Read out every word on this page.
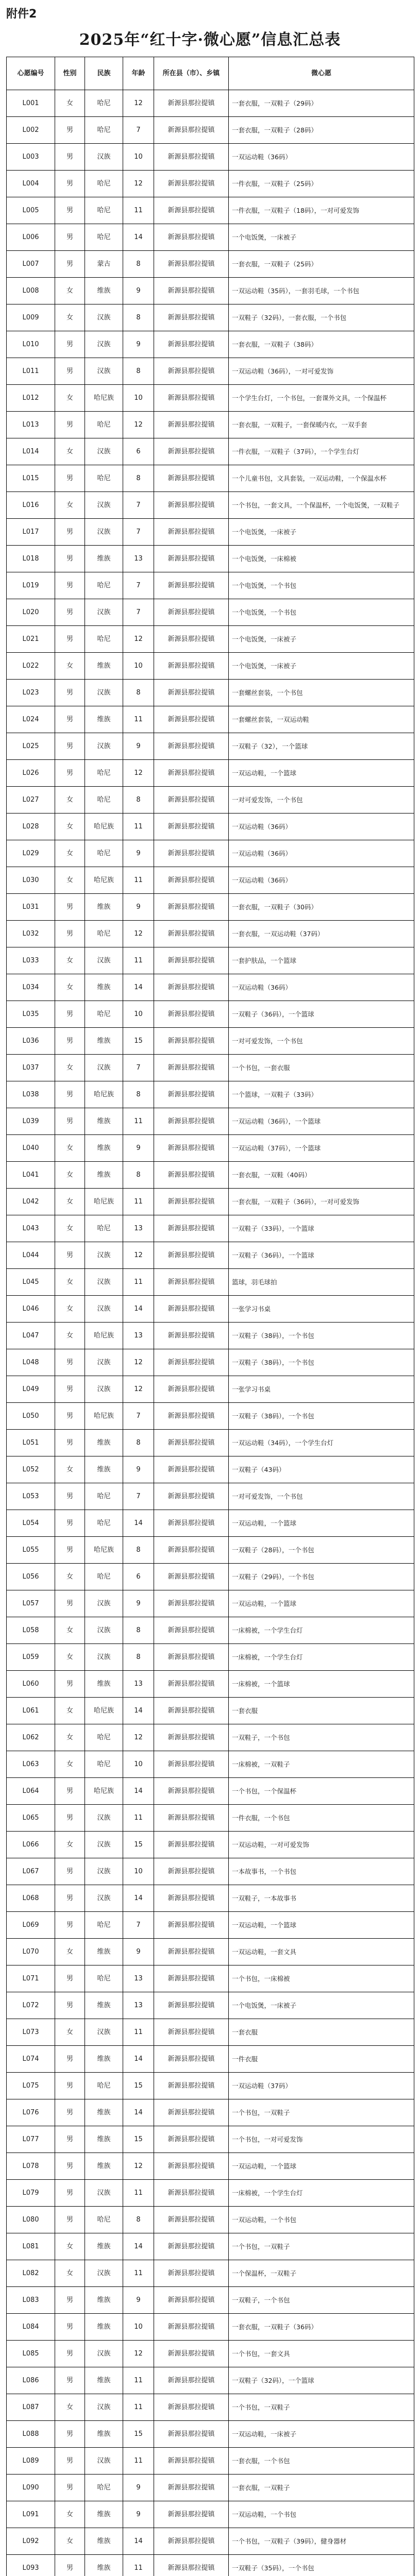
附件2
2025年“红十字·微心愿”信息汇总表
心愿编号	性别	民族	年龄	所在县（市）、乡镇	微心愿
L001	女	哈尼	12	新源县那拉提镇	一套衣服，一双鞋子（29码）
L002	男	哈尼	7	新源县那拉提镇	一套衣服，一双鞋子（28码）
L003	男	汉族	10	新源县那拉提镇	一双运动鞋（36码）
L004	男	哈尼	12	新源县那拉提镇	一件衣服，一双鞋子（25码）
L005	男	哈尼	11	新源县那拉提镇	一件衣服，一双鞋子（18码），一对可爱发饰
L006	男	哈尼	14	新源县那拉提镇	一个电饭煲，一床被子
L007	男	蒙古	8	新源县那拉提镇	一套衣服，一双鞋子（25码）
L008	女	维族	9	新源县那拉提镇	一双运动鞋（35码），一套羽毛球，一个书包
L009	女	汉族	8	新源县那拉提镇	一双鞋子（32码），一套衣服，一个书包
L010	男	汉族	9	新源县那拉提镇	一套衣服，一双鞋子（38码）
L011	男	汉族	8	新源县那拉提镇	一双运动鞋（36码），一对可爱发饰
L012	女	哈尼族	10	新源县那拉提镇	一个学生台灯，一个书包，一套课外文具，一个保温杯
L013	男	哈尼	12	新源县那拉提镇	一套衣服，一双鞋子，一套保暖内衣，一双手套
L014	女	汉族	6	新源县那拉提镇	一件衣服，一双鞋子（37码），一个学生台灯
L015	男	哈尼	8	新源县那拉提镇	一个儿童书包，文具套装，一双运动鞋，一个保温水杯
L016	女	汉族	7	新源县那拉提镇	一个书包，一套文具，一个保温杯，一个电饭煲，一双鞋子
L017	男	汉族	7	新源县那拉提镇	一个电饭煲，一床被子
L018	男	维族	13	新源县那拉提镇	一个电饭煲，一床棉被
L019	男	哈尼	7	新源县那拉提镇	一个电饭煲，一个书包
L020	男	汉族	7	新源县那拉提镇	一个电饭煲，一个书包
L021	男	哈尼	12	新源县那拉提镇	一个电饭煲，一床被子
L022	女	维族	10	新源县那拉提镇	一个电饭煲，一床被子
L023	男	汉族	8	新源县那拉提镇	一套螺丝套装，一个书包
L024	男	维族	11	新源县那拉提镇	一套螺丝套装，一双运动鞋
L025	男	汉族	9	新源县那拉提镇	一双鞋子（32），一个篮球
L026	男	哈尼	12	新源县那拉提镇	一双运动鞋，一个篮球
L027	女	哈尼	8	新源县那拉提镇	一对可爱发饰，一个书包
L028	女	哈尼族	11	新源县那拉提镇	一双运动鞋（36码）
L029	女	哈尼	9	新源县那拉提镇	一双运动鞋（36码）
L030	女	哈尼族	11	新源县那拉提镇	一双运动鞋（36码）
L031	男	维族	9	新源县那拉提镇	一套衣服，一双鞋子（30码）
L032	男	哈尼	12	新源县那拉提镇	一套衣服，一双运动鞋（37码）
L033	女	汉族	11	新源县那拉提镇	一套护肤品，一个篮球
L034	女	维族	14	新源县那拉提镇	一双运动鞋（36码）
L035	男	哈尼	10	新源县那拉提镇	一双鞋子（36码），一个篮球
L036	男	维族	15	新源县那拉提镇	一对可爱发饰，一个书包
L037	女	汉族	7	新源县那拉提镇	一个书包，一套衣服
L038	男	哈尼族	8	新源县那拉提镇	一个篮球，一双鞋子（33码）
L039	男	维族	11	新源县那拉提镇	一双运动鞋（36码），一个篮球
L040	女	维族	9	新源县那拉提镇	一双运动鞋（37码），一个篮球
L041	女	维族	8	新源县那拉提镇	一套衣服，一双鞋（40码）
L042	女	哈尼族	11	新源县那拉提镇	一套衣服，一双鞋子（36码），一对可爱发饰
L043	女	哈尼	13	新源县那拉提镇	一双鞋子（33码），一个篮球
L044	男	汉族	12	新源县那拉提镇	一双鞋子（36码），一个篮球
L045	女	汉族	11	新源县那拉提镇	篮球，羽毛球拍
L046	女	汉族	14	新源县那拉提镇	一张学习书桌
L047	女	哈尼族	13	新源县那拉提镇	一双鞋子（38码），一个书包
L048	男	汉族	12	新源县那拉提镇	一双鞋子（38码），一个书包
L049	男	汉族	12	新源县那拉提镇	一张学习书桌
L050	男	哈尼族	7	新源县那拉提镇	一双鞋子（38码），一个书包
L051	男	维族	8	新源县那拉提镇	一双运动鞋（34码），一个学生台灯
L052	女	维族	9	新源县那拉提镇	一双鞋子（43码）
L053	男	哈尼	7	新源县那拉提镇	一对可爱发饰，一个书包
L054	男	哈尼	14	新源县那拉提镇	一双运动鞋，一个篮球
L055	男	哈尼族	8	新源县那拉提镇	一双鞋子（28码），一个书包
L056	女	哈尼	6	新源县那拉提镇	一双鞋子（29码），一个书包
L057	男	汉族	9	新源县那拉提镇	一双运动鞋，一个篮球
L058	女	汉族	8	新源县那拉提镇	一床棉被，一个学生台灯
L059	女	汉族	8	新源县那拉提镇	一床棉被，一个学生台灯
L060	男	维族	13	新源县那拉提镇	一床棉被，一个篮球
L061	女	哈尼族	14	新源县那拉提镇	一套衣服
L062	女	哈尼	12	新源县那拉提镇	一双鞋子，一个书包
L063	女	哈尼	10	新源县那拉提镇	一床棉被，一双鞋子
L064	男	哈尼族	14	新源县那拉提镇	一个书包，一个保温杯
L065	男	汉族	11	新源县那拉提镇	一件衣服，一个书包
L066	女	汉族	15	新源县那拉提镇	一双运动鞋，一对可爱发饰
L067	男	汉族	10	新源县那拉提镇	一本故事书，一个书包
L068	男	汉族	14	新源县那拉提镇	一双鞋子，一本故事书
L069	男	哈尼	7	新源县那拉提镇	一双运动鞋，一个篮球
L070	女	维族	9	新源县那拉提镇	一双运动鞋，一套文具
L071	男	哈尼	13	新源县那拉提镇	一个书包，一床棉被
L072	男	维族	13	新源县那拉提镇	一个电饭煲，一床被子
L073	女	汉族	11	新源县那拉提镇	一套衣服
L074	男	维族	14	新源县那拉提镇	一件衣服
L075	男	哈尼	15	新源县那拉提镇	一双运动鞋（37码）
L076	男	维族	14	新源县那拉提镇	一个书包，一双鞋子
L077	男	维族	15	新源县那拉提镇	一个书包，一对可爱发饰
L078	男	维族	12	新源县那拉提镇	一双运动鞋，一个篮球
L079	男	汉族	11	新源县那拉提镇	一床棉被，一个学生台灯
L080	男	哈尼	8	新源县那拉提镇	一双运动鞋，一个书包
L081	女	维族	14	新源县那拉提镇	一个书包，一双鞋子
L082	女	汉族	11	新源县那拉提镇	一个保温杯，一双鞋子
L083	男	维族	9	新源县那拉提镇	一双鞋子，一个书包
L084	男	维族	10	新源县那拉提镇	一套衣服，一双鞋子（36码）
L085	男	汉族	12	新源县那拉提镇	一个书包，一套文具
L086	男	维族	11	新源县那拉提镇	一双鞋子（32码），一个篮球
L087	女	汉族	11	新源县那拉提镇	一个书包，一双鞋子
L088	男	维族	15	新源县那拉提镇	一双运动鞋，一床被子
L089	男	汉族	11	新源县那拉提镇	一套衣服，一个书包
L090	男	哈尼	9	新源县那拉提镇	一套衣服，一双鞋子
L091	女	维族	9	新源县那拉提镇	一双运动鞋，一个书包
L092	女	维族	14	新源县那拉提镇	一个书包，一双鞋子（39码），健身器材
L093	男	维族	11	新源县那拉提镇	一双鞋子（35码），一个书包
